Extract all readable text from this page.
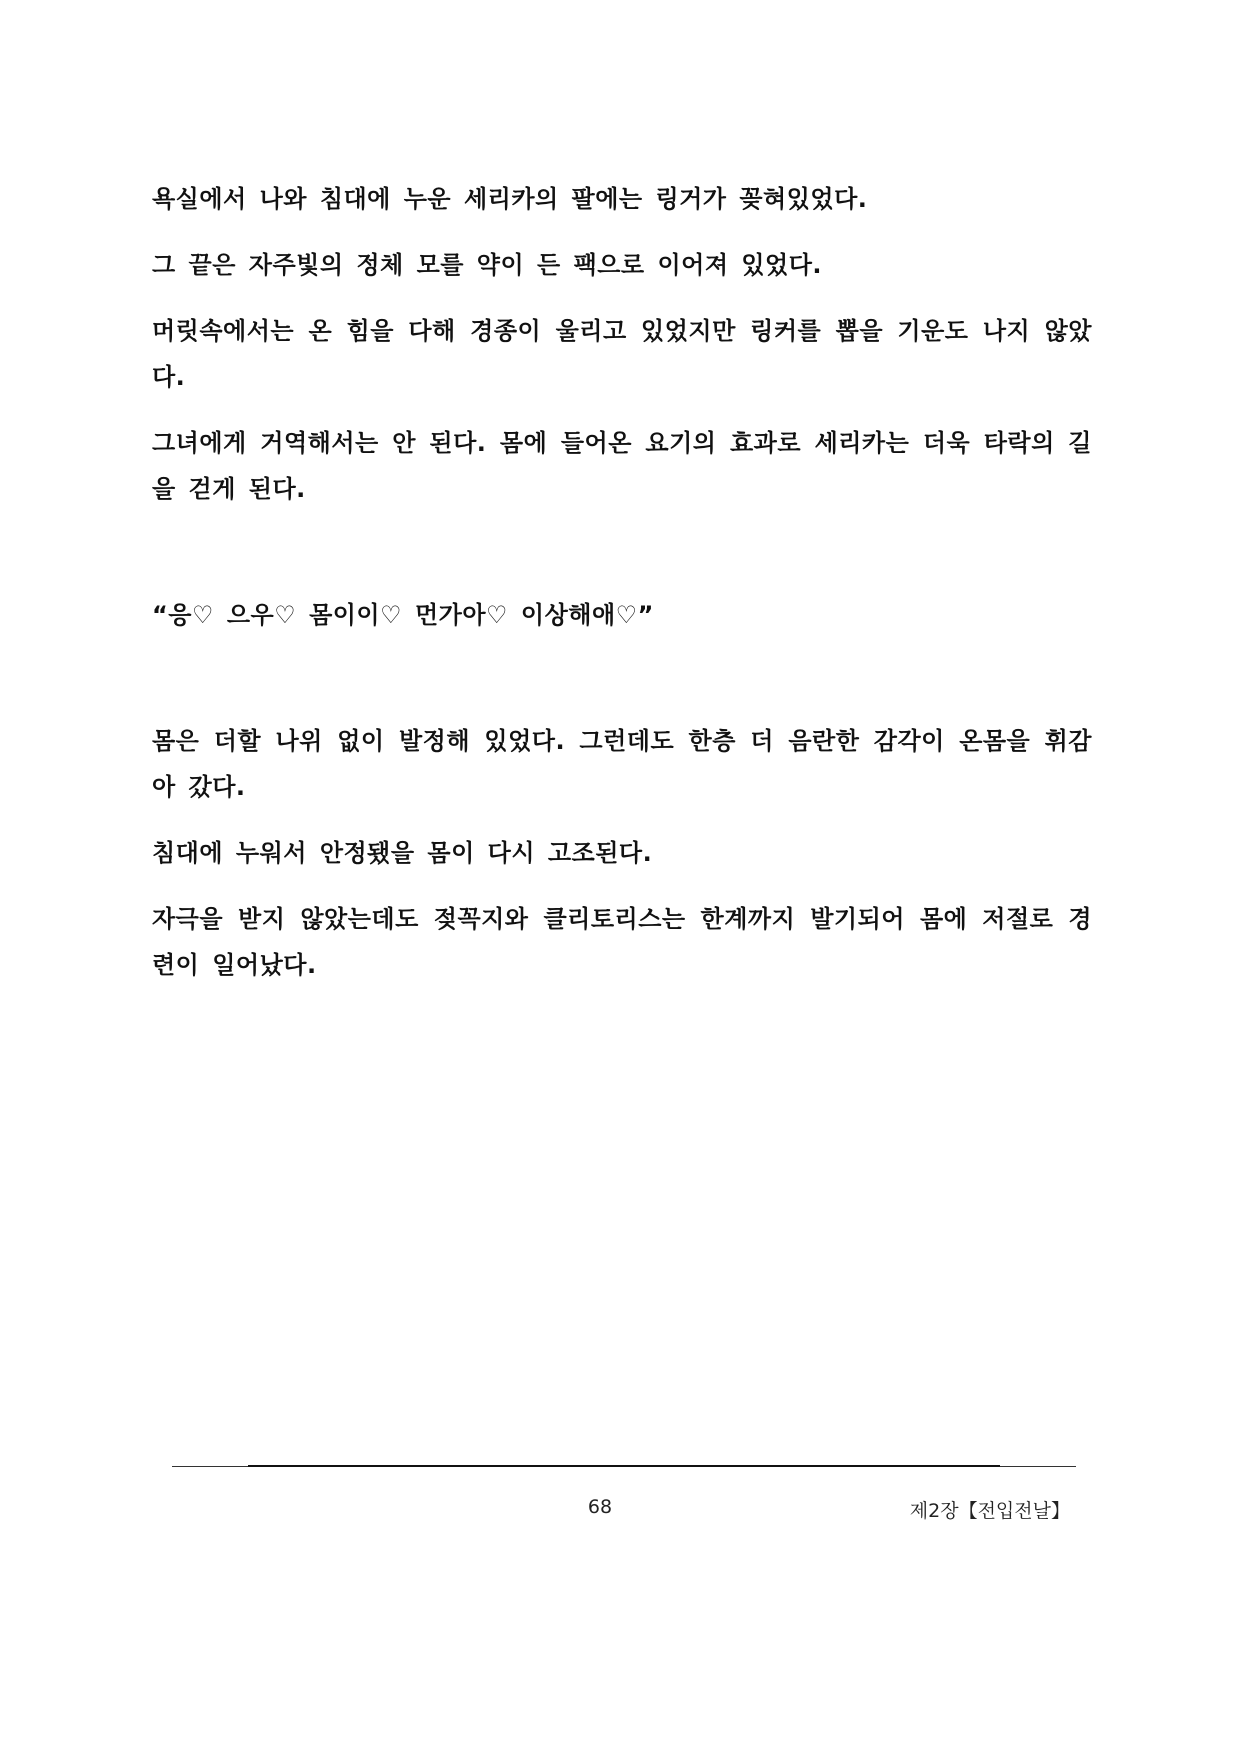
욕실에서 나와 침대에 누운 세리카의 팔에는 링거가 꽂혀있었다.

그 끝은 자주빛의 정체 모를 약이 든 팩으로 이어져 있었다.

머릿속에서는 온 힘을 다해 경종이 울리고 있었지만 링커를 뽑을 기운도 나지 않았다.

그녀에게 거역해서는 안 된다. 몸에 들어온 요기의 효과로 세리카는 더욱 타락의 길을 걷게 된다.

“응♡ 으우♡ 몸이이♡ 먼가아♡ 이상해애♡”

몸은 더할 나위 없이 발정해 있었다. 그런데도 한층 더 음란한 감각이 온몸을 휘감아 갔다.

침대에 누워서 안정됐을 몸이 다시 고조된다.

자극을 받지 않았는데도 젖꼭지와 클리토리스는 한계까지 발기되어 몸에 저절로 경련이 일어났다.

68	제2장【전입전날】
